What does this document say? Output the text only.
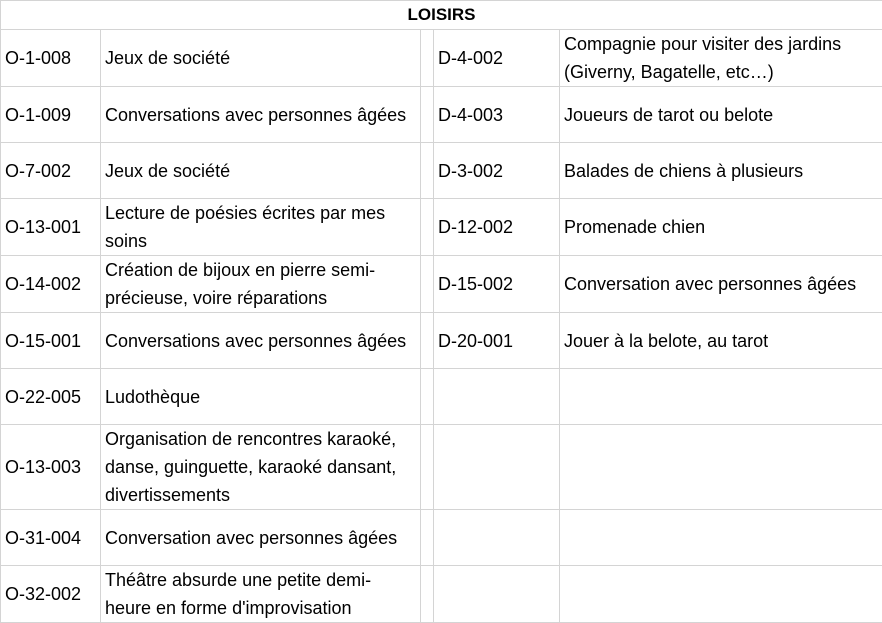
LOISIRS				
O-1-008	Jeux de société		D-4-002	Compagnie pour visiter des jardins (Giverny, Bagatelle, etc…)
O-1-009	Conversations avec personnes âgées		D-4-003	Joueurs de tarot ou belote
O-7-002	Jeux de société		D-3-002	Balades de chiens à plusieurs
O-13-001	Lecture de poésies écrites par mes soins		D-12-002	Promenade chien
O-14-002	Création de bijoux en pierre semi-précieuse, voire réparations		D-15-002	Conversation avec personnes âgées
O-15-001	Conversations avec personnes âgées		D-20-001	Jouer à la belote, au tarot
O-22-005	Ludothèque			
O-13-003	Organisation de rencontres karaoké, danse, guinguette, karaoké dansant, divertissements			
O-31-004	Conversation avec personnes âgées			
O-32-002	Théâtre absurde une petite demi-heure en forme d'improvisation			
